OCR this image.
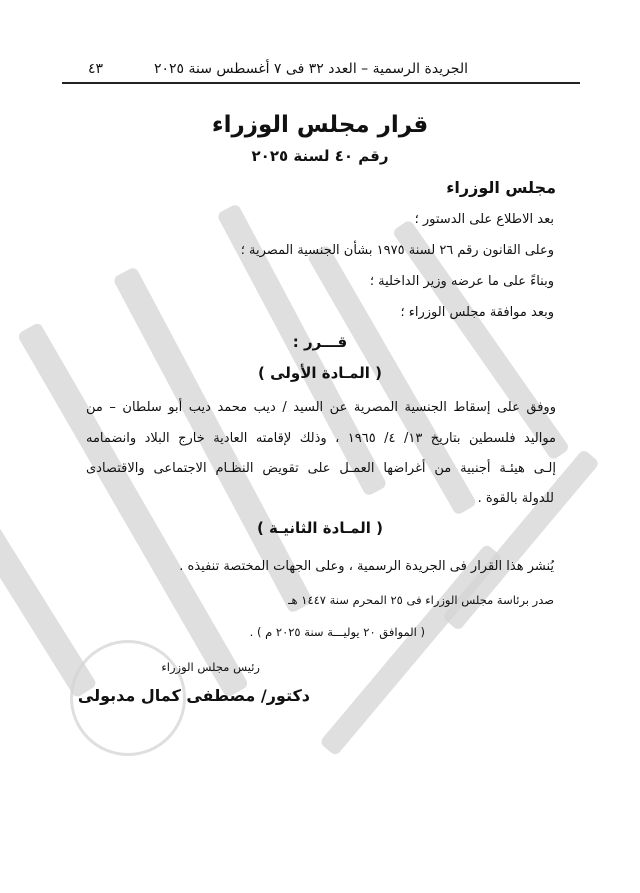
الجريدة الرسمية – العدد ٣٢ فى ٧ أغسطس سنة ٢٠٢٥
٤٣
قرار مجلس الوزراء
رقم ٤٠ لسنة ٢٠٢٥
مجلس الوزراء
بعد الاطلاع على الدستور ؛
وعلى القانون رقم ٢٦ لسنة ١٩٧٥ بشأن الجنسية المصرية ؛
وبناءً على ما عرضه وزير الداخلية ؛
وبعد موافقة مجلس الوزراء ؛
قـــرر :
( المـادة الأولى )
ووفق على إسقاط الجنسية المصرية عن السيد / ديب محمد ديب أبو سلطان – من
مواليد فلسطين بتاريخ ١٣/ ٤/ ١٩٦٥ ، وذلك لإقامته العادية خارج البلاد وانضمامه
إلـى هيئـة أجنبية من أغراضها العمـل على تقويض النظـام الاجتماعى والاقتصادى
للدولة بالقوة .
( المـادة الثانيـة )
يُنشر هذا القرار فى الجريدة الرسمية ، وعلى الجهات المختصة تنفيذه .
صدر برئاسة مجلس الوزراء فى ٢٥ المحرم سنة ١٤٤٧ هـ
( الموافق ٢٠ يوليـــة سنة ٢٠٢٥ م ) .
رئيس مجلس الوزراء
دكتور/ مصطفى كمال مدبولى
